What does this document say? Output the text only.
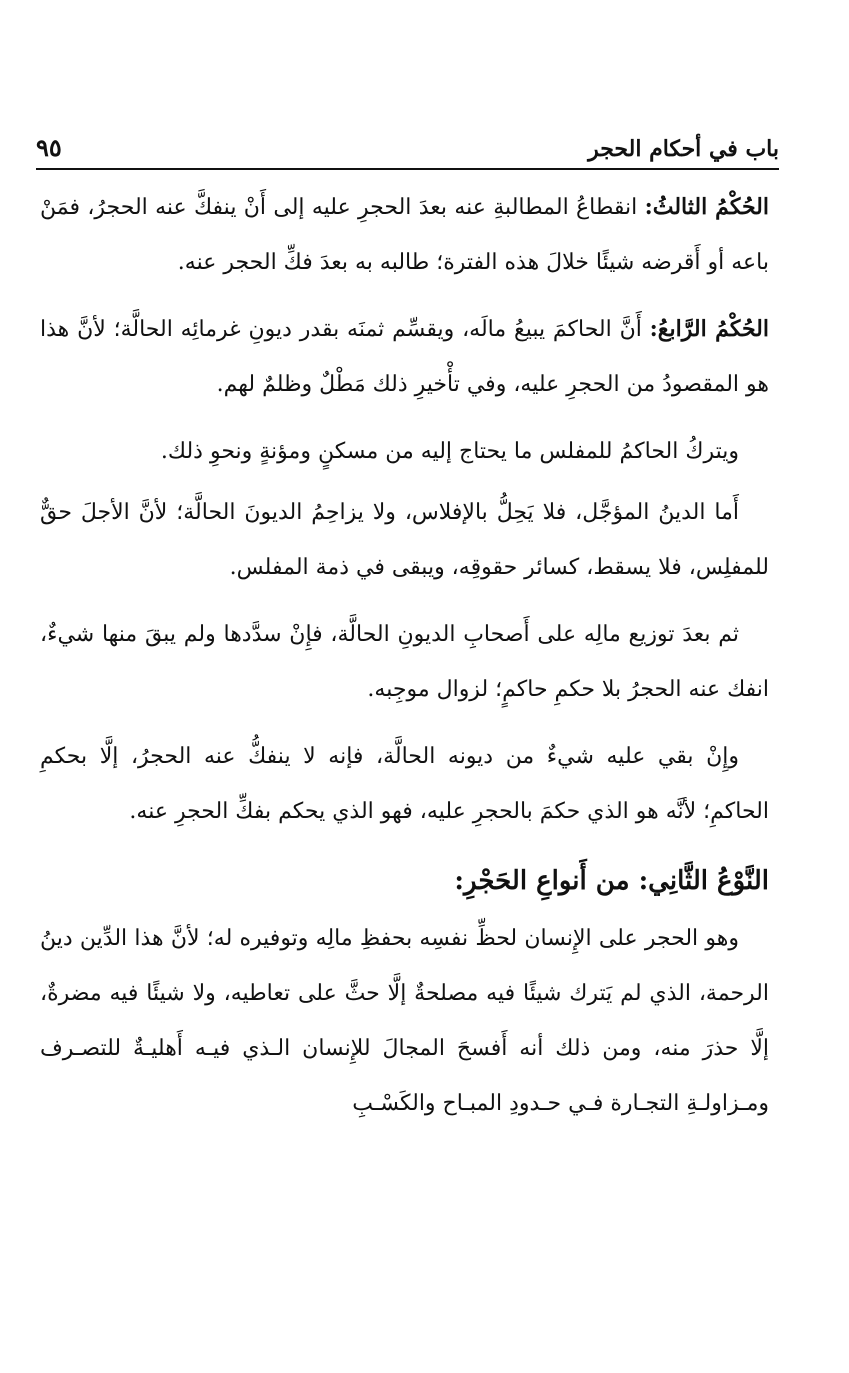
باب في أحكام الحجر
٩٥

الحُكْمُ الثالثُ: انقطاعُ المطالبةِ عنه بعدَ الحجرِ عليه إلى أَنْ ينفكَّ عنه الحجرُ، فمَنْ باعه أو أَقرضه شيئًا خلالَ هذه الفترة؛ طالبه به بعدَ فكِّ الحجر عنه.

الحُكْمُ الرَّابعُ: أَنَّ الحاكمَ يبيعُ مالَه، ويقسِّم ثمنَه بقدر ديونِ غرمائِه الحالَّة؛ لأنَّ هذا هو المقصودُ من الحجرِ عليه، وفي تأْخيرِ ذلك مَطْلٌ وظلمٌ لهم.

ويتركُ الحاكمُ للمفلس ما يحتاج إليه من مسكنٍ ومؤنةٍ ونحوِ ذلك.

أَما الدينُ المؤجَّل، فلا يَحِلُّ بالإفلاس، ولا يزاحِمُ الديونَ الحالَّة؛ لأنَّ الأجلَ حقٌّ للمفلِس، فلا يسقط، كسائر حقوقِه، ويبقى في ذمة المفلس.

ثم بعدَ توزيع مالِه على أَصحابِ الديونِ الحالَّة، فإِنْ سدَّدها ولم يبقَ منها شيءٌ، انفك عنه الحجرُ بلا حكمِ حاكمٍ؛ لزوال موجِبه.

وإِنْ بقي عليه شيءٌ من ديونه الحالَّة، فإنه لا ينفكُّ عنه الحجرُ، إلَّا بحكمِ الحاكمِ؛ لأنَّه هو الذي حكمَ بالحجرِ عليه، فهو الذي يحكم بفكِّ الحجرِ عنه.

النَّوْعُ الثَّانِي: من أَنواعِ الحَجْرِ:

وهو الحجر على الإِنسان لحظِّ نفسِه بحفظِ مالِه وتوفيره له؛ لأنَّ هذا الدِّين دينُ الرحمة، الذي لم يَترك شيئًا فيه مصلحةٌ إلَّا حثَّ على تعاطيه، ولا شيئًا فيه مضرةٌ، إلَّا حذرَ منه، ومن ذلك أنه أَفسحَ المجالَ للإِنسان الـذي فيـه أَهليـةٌ للتصـرف ومـزاولـةِ التجـارة فـي حـدودِ المبـاح والكَسْـبِ
